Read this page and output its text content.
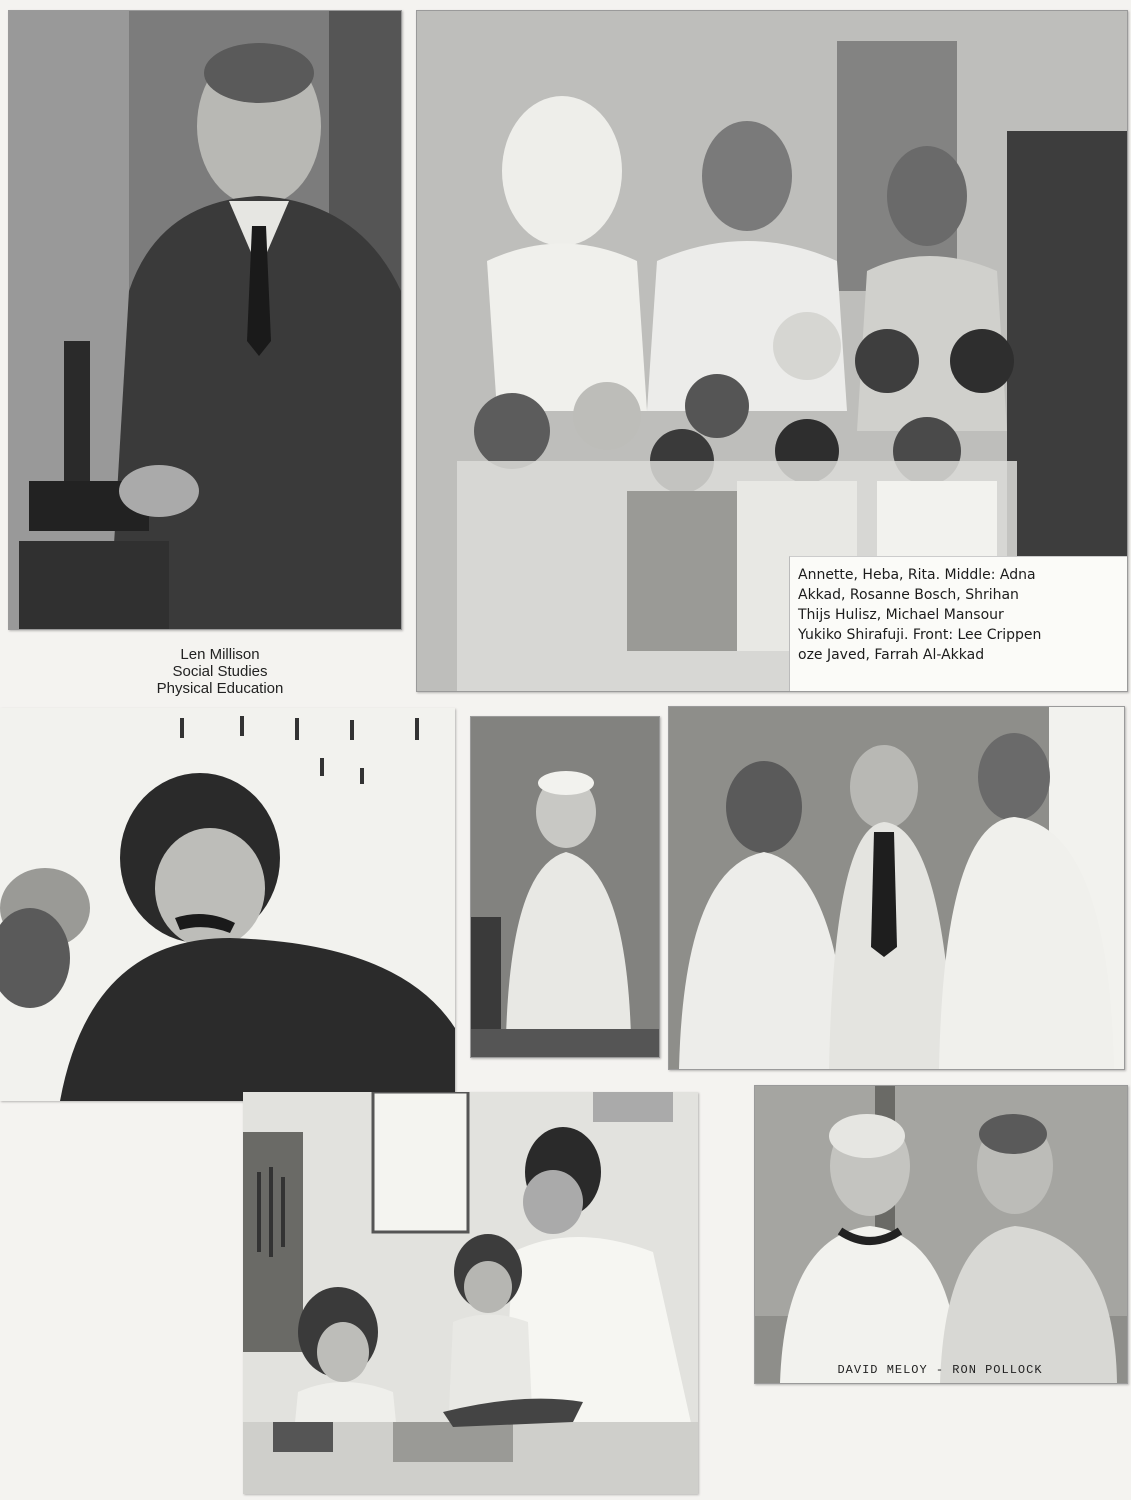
Annette, Heba, Rita. Middle: Adna
Akkad, Rosanne Bosch, Shrihan
Thijs Hulisz, Michael Mansour
Yukiko Shirafuji. Front: Lee Crippen
oze Javed, Farrah Al-Akkad
Len Millison
Social Studies
Physical Education
DAVID MELOY - RON POLLOCK
